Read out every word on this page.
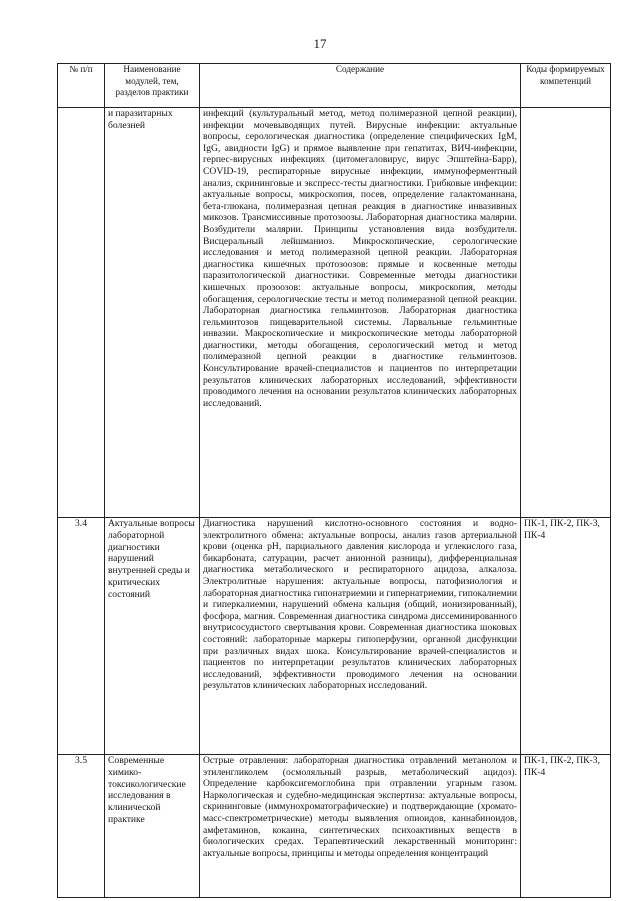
17
№ п/п	Наименование модулей, тем, разделов практики	Содержание	Коды формируемых компетенций
	и паразитарных болезней	инфекций (культуральный метод, метод полимеразной цепной реакции), инфекции мочевыводящих путей. Вирусные инфекции: актуальные вопросы, серологическая диагностика (определение специфических IgM, IgG, авидности IgG) и прямое выявление при гепатитах, ВИЧ-инфекции, герпес-вирусных инфекциях (цитомегаловирус, вирус Эпштейна-Барр), COVID-19, респираторные вирусные инфекции, иммуноферментный анализ, скрининговые и экспресс-тесты диагностики. Грибковые инфекции: актуальные вопросы, микроскопия, посев, определение галактоманнана, бета-глюкана, полимеразная цепная реакция в диагностике инвазивных микозов. Трансмиссивные протозоозы. Лабораторная диагностика малярии. Возбудители малярии. Принципы установления вида возбудителя. Висцеральный лейшманиоз. Микроскопические, серологические исследования и метод полимеразной цепной реакции. Лабораторная диагностика кишечных протозоозов: прямые и косвенные методы паразитологической диагностики. Современные методы диагностики кишечных прозоозов: актуальные вопросы, микроскопия, методы обогащения, серологические тесты и метод полимеразной цепной реакции. Лабораторная диагностика гельминтозов. Лабораторная диагностика гельминтозов пищеварительной системы. Ларвальные гельминтные инвазии. Макроскопические и микроскопические методы лабораторной диагностики, методы обогащения, серологический метод и метод полимеразной цепной реакции в диагностике гельминтозов. Консультирование врачей-специалистов и пациентов по интерпретации результатов клинических лабораторных исследований, эффективности проводимого лечения на основании результатов клинических лабораторных исследований.	

3.4	Актуальные вопросы лабораторной диагностики нарушений внутренней среды и критических состояний	Диагностика нарушений кислотно-основного состояния и водно-электролитного обмена: актуальные вопросы, анализ газов артериальной крови (оценка pH, парциального давления кислорода и углекислого газа, бикарбоната, сатурации, расчет анионной разницы), дифференциальная диагностика метаболического и респираторного ацидоза, алкалоза. Электролитные нарушения: актуальные вопросы, патофизиология и лабораторная диагностика гипонатриемии и гипернатриемии, гипокалиемии и гиперкалиемии, нарушений обмена кальция (общий, ионизированный), фосфора, магния. Современная диагностика синдрома диссеминированного внутрисосудистого свертывания крови. Современная диагностика шоковых состояний: лабораторные маркеры гипоперфузии, органной дисфункции при различных видах шока. Консультирование врачей-специалистов и пациентов по интерпретации результатов клинических лабораторных исследований, эффективности проводимого лечения на основании результатов клинических лабораторных исследований.	ПК-1, ПК-2, ПК-3, ПК-4
3.5	Современные химико-токсикологические исследования в клинической практике	Острые отравления: лабораторная диагностика отравлений метанолом и этиленгликолем (осмоляльный разрыв, метаболический ацидоз). Определение карбоксигемоглобина при отравлении угарным газом. Наркологическая и судебно-медицинская экспертиза: актуальные вопросы, скрининговые (иммунохроматографические) и подтверждающие (хромато-масс-спектрометрические) методы выявления опиоидов, каннабиноидов, амфетаминов, кокаина, синтетических психоактивных веществ в биологических средах. Терапевтический лекарственный мониторинг: актуальные вопросы, принципы и методы определения концентраций	ПК-1, ПК-2, ПК-3, ПК-4
